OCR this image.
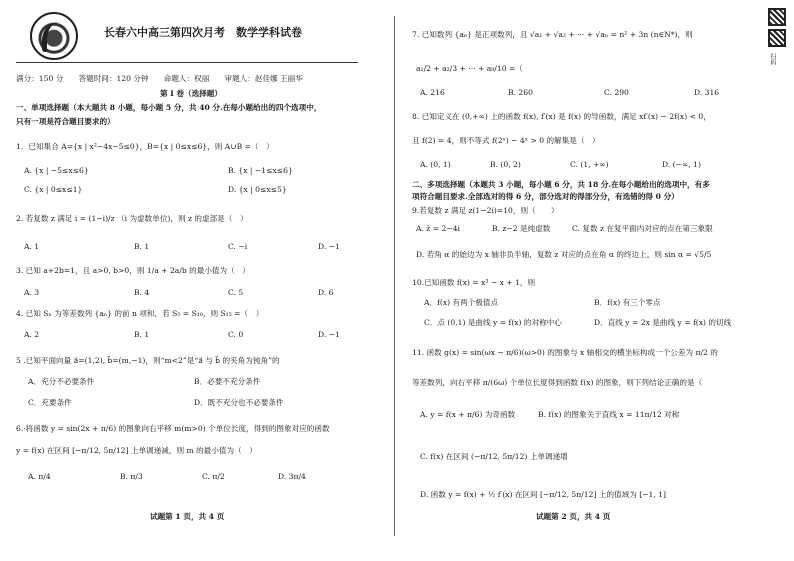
扫码
长春六中高三第四次月考　数学学科试卷
满分：150 分　　答题时间：120 分钟　　命题人：权丽　　审题人：赵佳娜 王丽华
第 I 卷（选择题）
一、单项选择题（本大题共 8 小题，每小题 5 分，共 40 分.在每小题给出的四个选项中，
只有一项是符合题目要求的）
1．已知集合 A={x | x²−4x−5≤0}，B={x | 0≤x≤6}，则 A∪B =（　）
A. {x | −5≤x≤6}	B. {x | −1≤x≤6}
C. {x | 0≤x≤1}	D. {x | 0≤x≤5}
2. 若复数 z 满足 i = (1−i)/z （i 为虚数单位)，则 z 的虚部是（　）
A. 1	B. 1	C. −i	D. −1
3. 已知 a+2b=1，且 a>0, b>0，则 1/a + 2a/b 的最小值为（　）
A. 3	B. 4	C. 5	D. 6
4. 已知 Sₙ 为等差数列 {aₙ} 的前 n 项和，若 S₅ = S₁₀，则 S₁₅ =（　）
A. 2	B. 1	C. 0	D. −1
5 .已知平面向量 a⃗=(1,2), b⃗=(m,−1)，则“m<2”是“a⃗ 与 b⃗ 的夹角为钝角”的
A．充分不必要条件	B．必要不充分条件
C．充要条件	D．既不充分也不必要条件
6.·将函数 y = sin(2x + π/6) 的图象向右平移 m(m>0) 个单位长度，得到的图象对应的函数
y = f(x) 在区间 [−π/12, 5π/12] 上单调递减，则 m 的最小值为（　）
A. π/4	B. π/3	C. π/2	D. 3π/4
试题第 1 页，共 4 页
7. 已知数列 {aₙ} 是正项数列，且 √a₁ + √a₂ + ··· + √aₙ = n² + 3n (n∈N*)，则
a₁/2 + a₂/3 + ··· + a₉/10 =（
A. 216	B. 260	C. 290	D. 316
8. 已知定义在 (0,+∞) 上的函数 f(x), f′(x) 是 f(x) 的导函数，满足 xf′(x) − 2f(x) < 0，
且 f(2) = 4，则不等式 f(2ˣ) − 4ˣ > 0 的解集是（　）
A. (0, 1)	B. (0, 2)	C. (1, +∞)	D. (−∞, 1)
二、多项选择题（本题共 3 小题，每小题 6 分，共 18 分.在每小题给出的选项中，有多
项符合题目要求.全部选对的得 6 分，部分选对的得部分分，有选错的得 0 分）
9.若复数 z 满足 z(1−2i)=10，则（　　）
A. z̄ = 2−4i	B. z−2 是纯虚数	C. 复数 z 在复平面内对应的点在第三象限
D. 若角 α 的始边为 x 轴非负半轴，复数 z 对应的点在角 α 的终边上，则 sin α = √5/5
10.已知函数 f(x) = x³ − x + 1，则
A．f(x) 有两个极值点	B．f(x) 有三个零点
C．点 (0,1) 是曲线 y = f(x) 的对称中心	D．直线 y = 2x 是曲线 y = f(x) 的切线
11. 函数 g(x) = sin(ωx − π/6)(ω>0) 的图象与 x 轴相交的横坐标构成一个公差为 π/2 的
等差数列，向右平移 π/(6ω) 个单位长度得到函数 f(x) 的图象，则下列结论正确的是（
A. y = f(x + π/6) 为奇函数	B. f(x) 的图象关于直线 x = 11π/12 对称
C. f(x) 在区间 (−π/12, 5π/12) 上单调递增
D. 函数 y = f(x) + ½ f′(x) 在区间 [−π/12, 5π/12] 上的值域为 [−1, 1]
试题第 2 页，共 4 页
